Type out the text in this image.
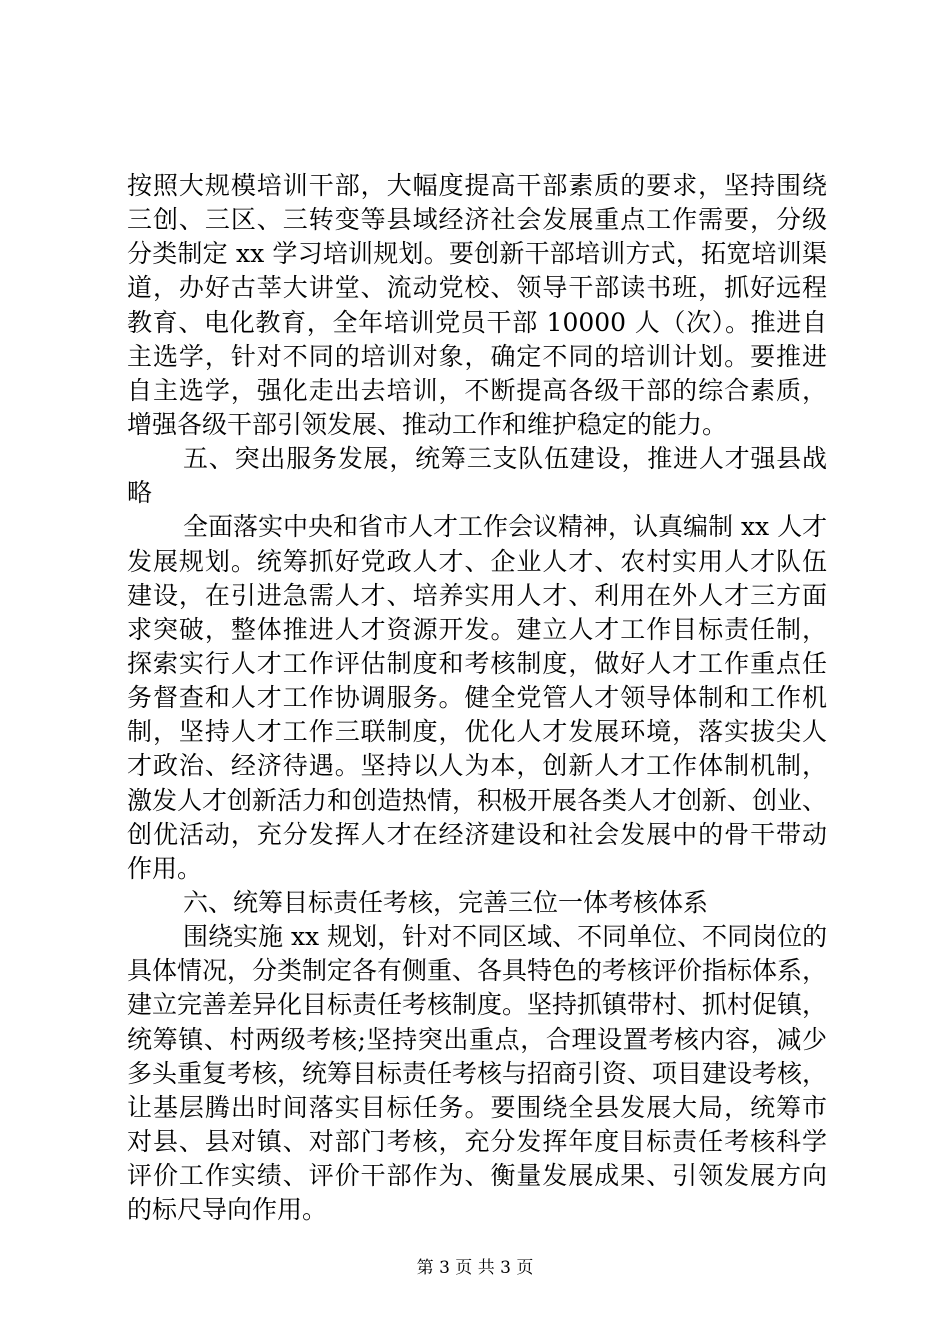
按照大规模培训干部，大幅度提高干部素质的要求，坚持围绕
三创、三区、三转变等县域经济社会发展重点工作需要，分级
分类制定 xx 学习培训规划。要创新干部培训方式，拓宽培训渠
道，办好古莘大讲堂、流动党校、领导干部读书班，抓好远程
教育、电化教育，全年培训党员干部 10000 人（次）。推进自
主选学，针对不同的培训对象，确定不同的培训计划。要推进
自主选学，强化走出去培训，不断提高各级干部的综合素质，
增强各级干部引领发展、推动工作和维护稳定的能力。
五、突出服务发展，统筹三支队伍建设，推进人才强县战
略
全面落实中央和省市人才工作会议精神，认真编制 xx 人才
发展规划。统筹抓好党政人才、企业人才、农村实用人才队伍
建设，在引进急需人才、培养实用人才、利用在外人才三方面
求突破，整体推进人才资源开发。建立人才工作目标责任制，
探索实行人才工作评估制度和考核制度，做好人才工作重点任
务督查和人才工作协调服务。健全党管人才领导体制和工作机
制，坚持人才工作三联制度，优化人才发展环境，落实拔尖人
才政治、经济待遇。坚持以人为本，创新人才工作体制机制，
激发人才创新活力和创造热情，积极开展各类人才创新、创业、
创优活动，充分发挥人才在经济建设和社会发展中的骨干带动
作用。
六、统筹目标责任考核，完善三位一体考核体系
围绕实施 xx 规划，针对不同区域、不同单位、不同岗位的
具体情况，分类制定各有侧重、各具特色的考核评价指标体系，
建立完善差异化目标责任考核制度。坚持抓镇带村、抓村促镇，
统筹镇、村两级考核;坚持突出重点，合理设置考核内容，减少
多头重复考核，统筹目标责任考核与招商引资、项目建设考核，
让基层腾出时间落实目标任务。要围绕全县发展大局，统筹市
对县、县对镇、对部门考核，充分发挥年度目标责任考核科学
评价工作实绩、评价干部作为、衡量发展成果、引领发展方向
的标尺导向作用。
第 3 页 共 3 页
